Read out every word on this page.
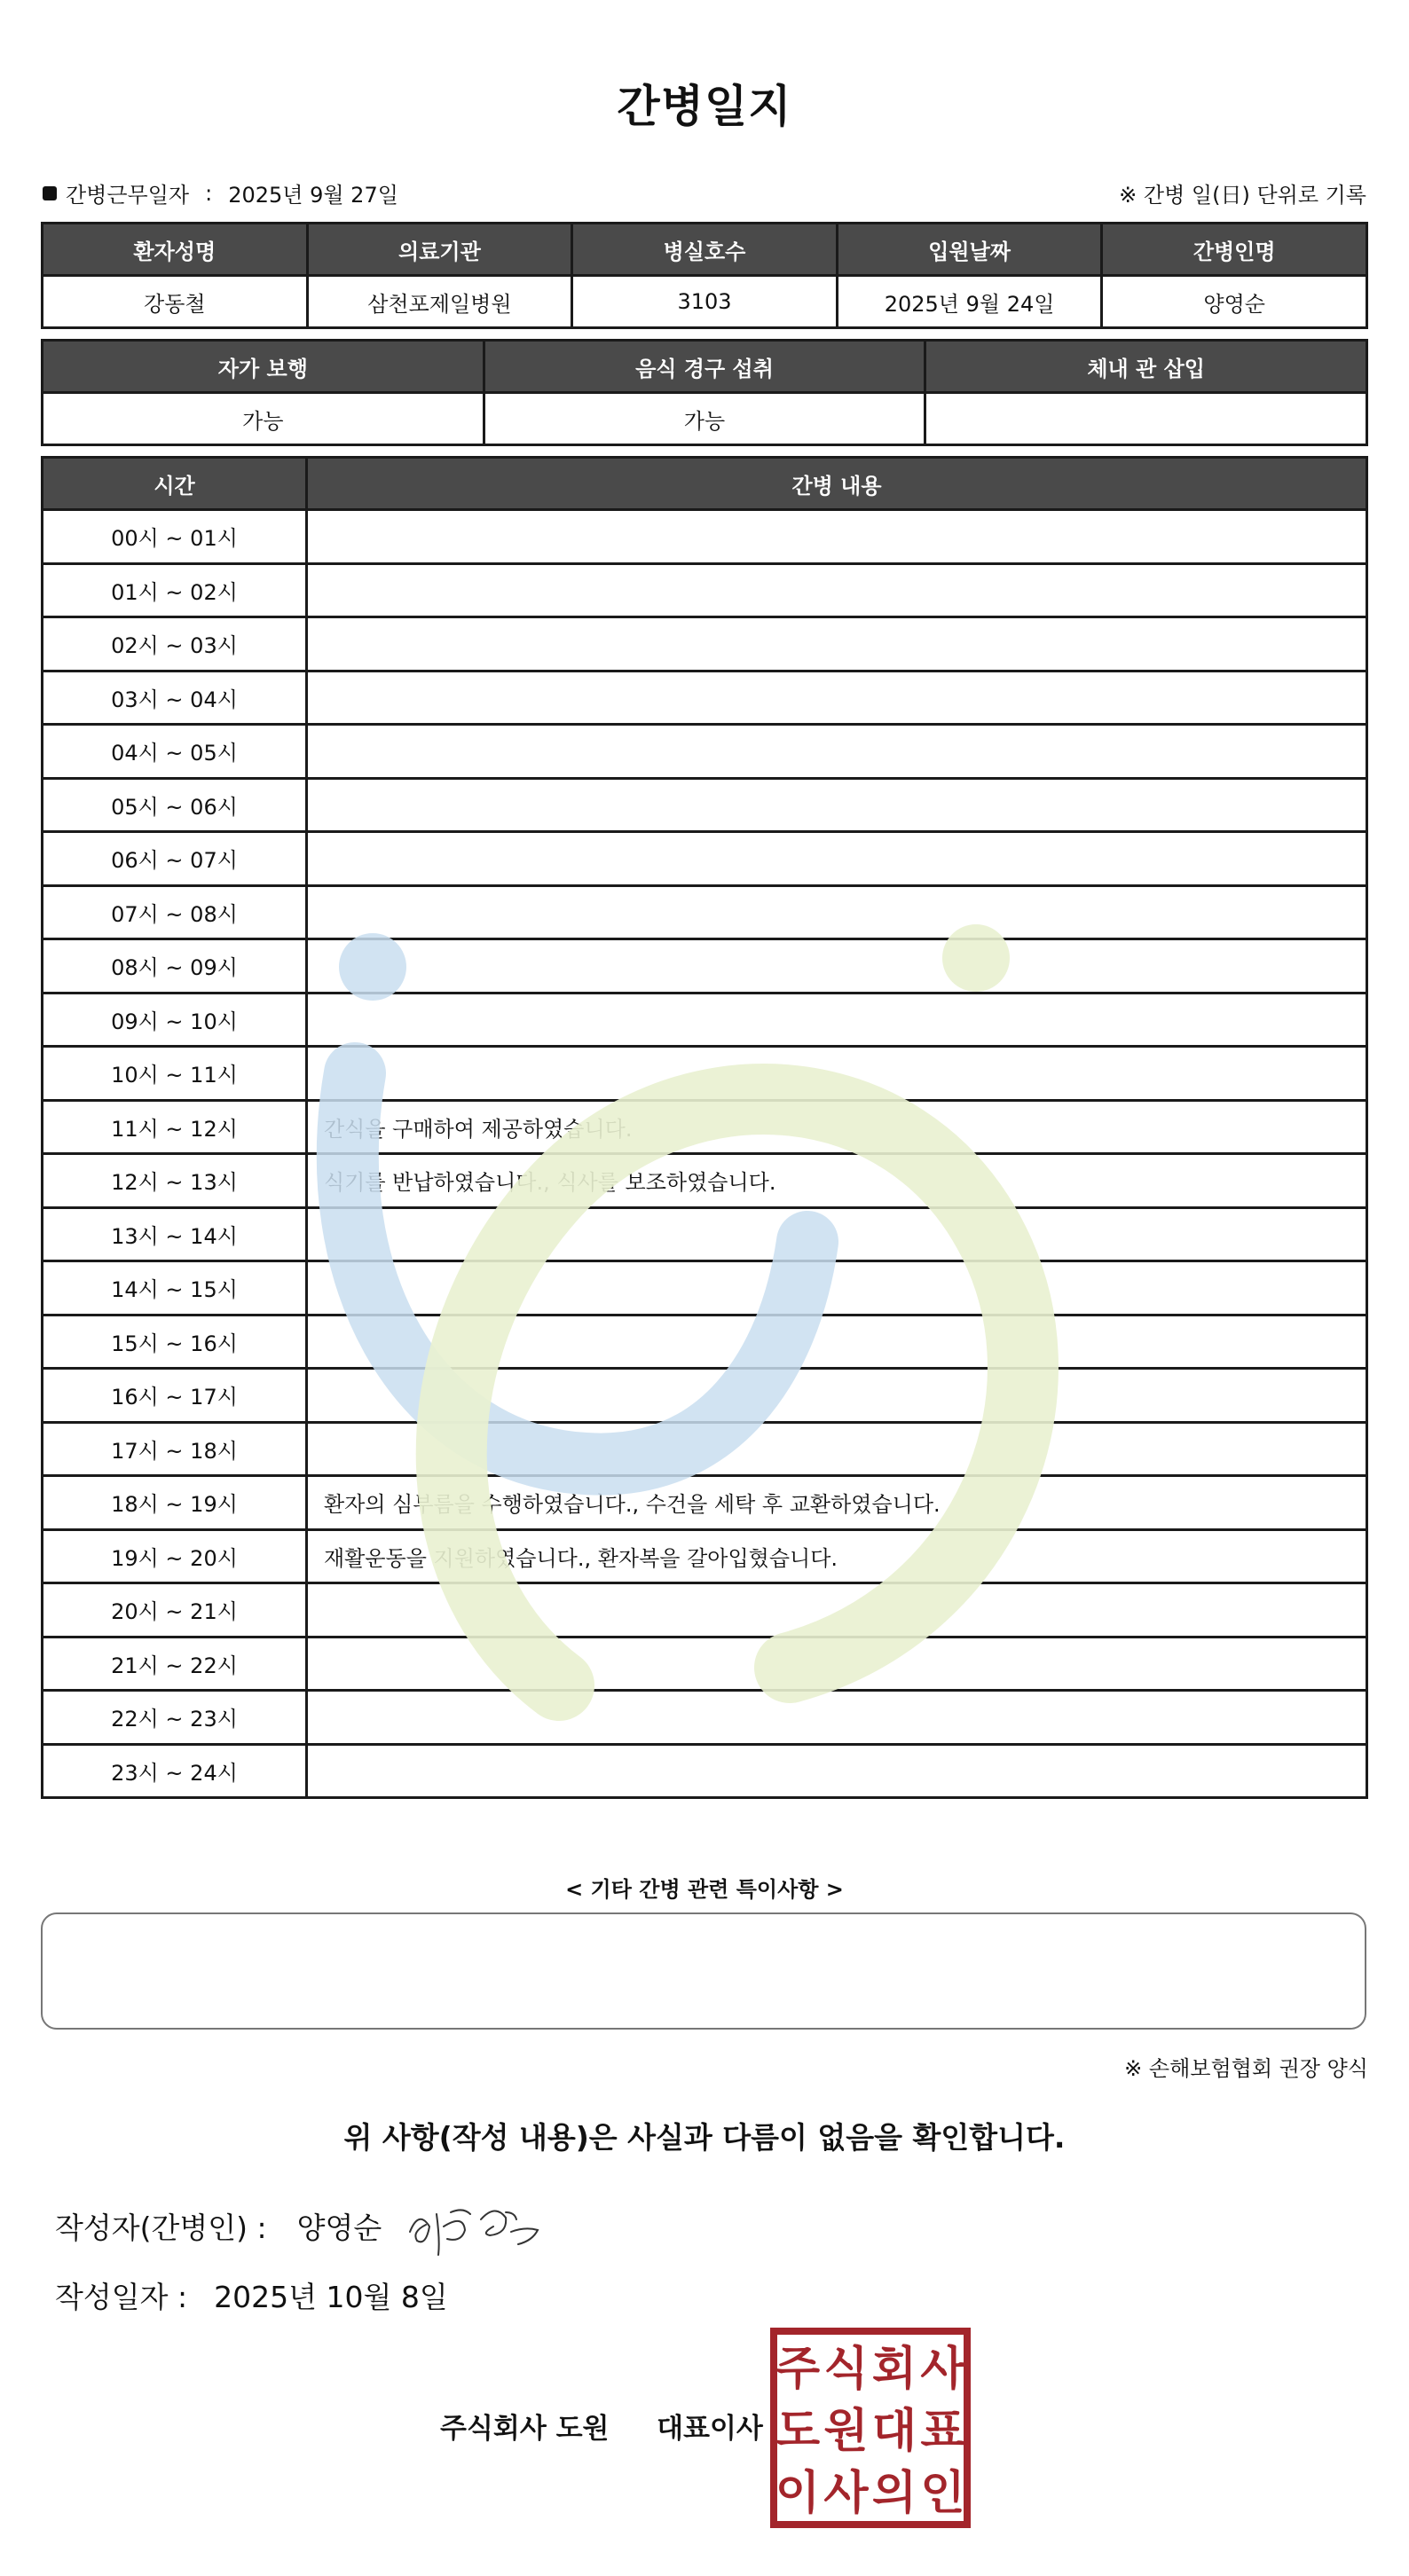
간병일지
간병근무일자 : 2025년 9월 27일	※ 간병 일(日) 단위로 기록
환자성명	의료기관	병실호수	입원날짜	간병인명
강동철	삼천포제일병원	3103	2025년 9월 24일	양영순
자가 보행	음식 경구 섭취	체내 관 삽입
가능	가능	
시간	간병 내용
00시 ~ 01시	
01시 ~ 02시	
02시 ~ 03시	
03시 ~ 04시	
04시 ~ 05시	
05시 ~ 06시	
06시 ~ 07시	
07시 ~ 08시	
08시 ~ 09시	
09시 ~ 10시	
10시 ~ 11시	
11시 ~ 12시	간식을 구매하여 제공하였습니다.
12시 ~ 13시	식기를 반납하였습니다., 식사를 보조하였습니다.
13시 ~ 14시	
14시 ~ 15시	
15시 ~ 16시	
16시 ~ 17시	
17시 ~ 18시	
18시 ~ 19시	환자의 심부름을 수행하였습니다., 수건을 세탁 후 교환하였습니다.
19시 ~ 20시	재활운동을 지원하였습니다., 환자복을 갈아입혔습니다.
20시 ~ 21시	
21시 ~ 22시	
22시 ~ 23시	
23시 ~ 24시	
< 기타 간병 관련 특이사항 >
※ 손해보험협회 권장 양식
위 사항(작성 내용)은 사실과 다름이 없음을 확인합니다.
작성자(간병인) : 양영순
작성일자 : 2025년 10월 8일
주식회사 도원 대표이사
주 식 회 사
도 원 대 표
이 사 의 인
